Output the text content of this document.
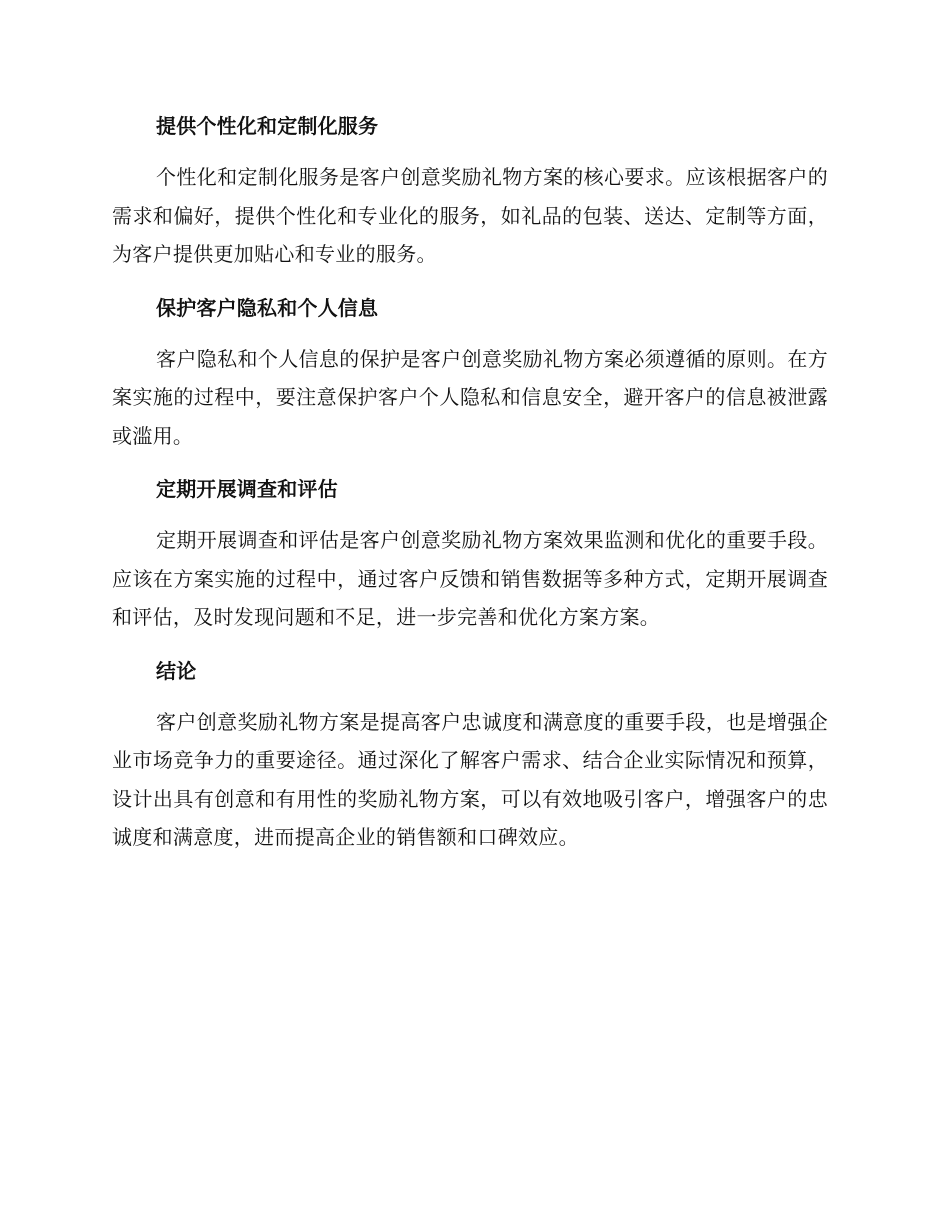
提供个性化和定制化服务

个性化和定制化服务是客户创意奖励礼物方案的核心要求。应该根据客户的需求和偏好，提供个性化和专业化的服务，如礼品的包装、送达、定制等方面，为客户提供更加贴心和专业的服务。

保护客户隐私和个人信息

客户隐私和个人信息的保护是客户创意奖励礼物方案必须遵循的原则。在方案实施的过程中，要注意保护客户个人隐私和信息安全，避开客户的信息被泄露或滥用。

定期开展调查和评估

定期开展调查和评估是客户创意奖励礼物方案效果监测和优化的重要手段。应该在方案实施的过程中，通过客户反馈和销售数据等多种方式，定期开展调查和评估，及时发现问题和不足，进一步完善和优化方案方案。

结论

客户创意奖励礼物方案是提高客户忠诚度和满意度的重要手段，也是增强企业市场竞争力的重要途径。通过深化了解客户需求、结合企业实际情况和预算，设计出具有创意和有用性的奖励礼物方案，可以有效地吸引客户，增强客户的忠诚度和满意度，进而提高企业的销售额和口碑效应。
